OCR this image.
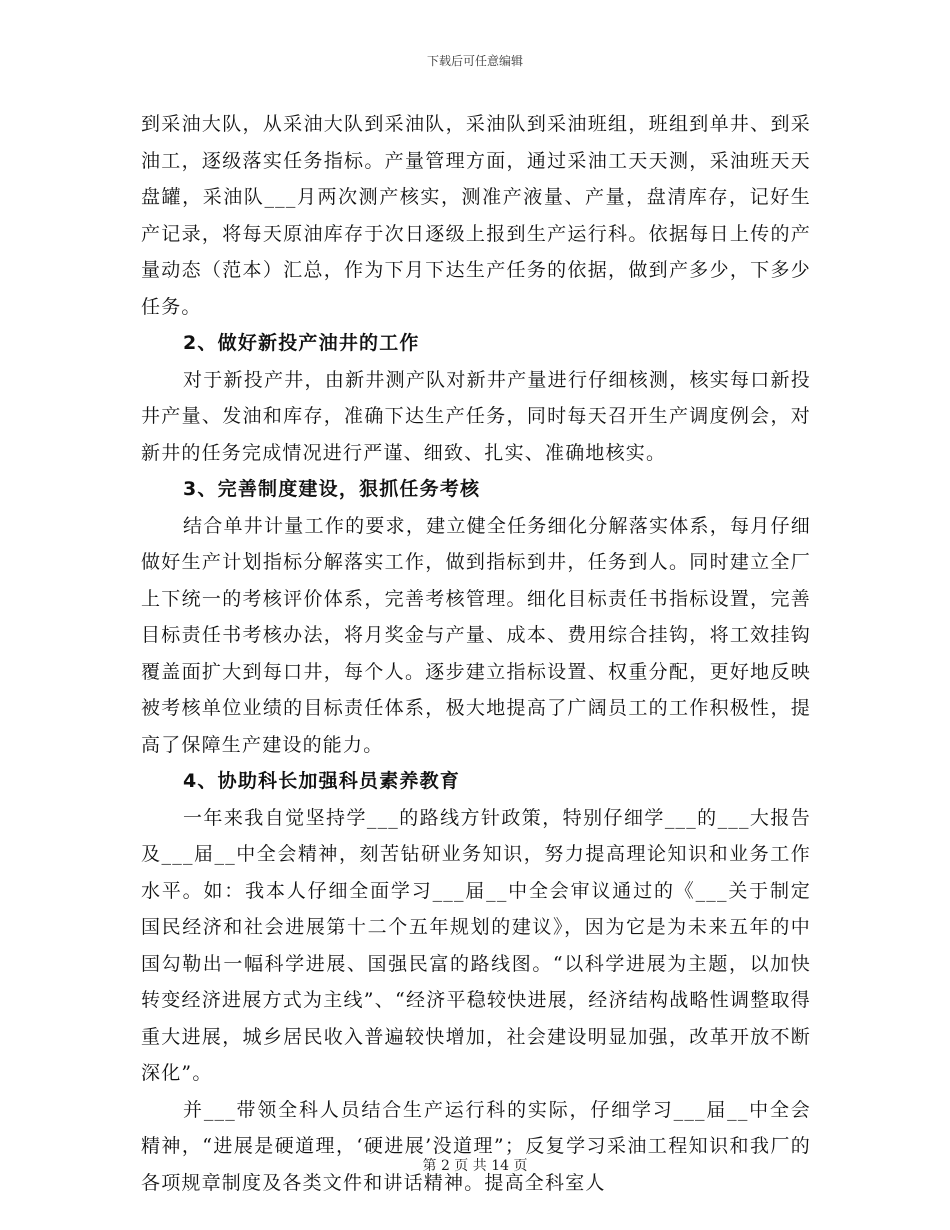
下载后可任意编辑

到采油大队，从采油大队到采油队，采油队到采油班组，班组到单井、到采油工，逐级落实任务指标。产量管理方面，通过采油工天天测，采油班天天盘罐，采油队___月两次测产核实，测准产液量、产量，盘清库存，记好生产记录，将每天原油库存于次日逐级上报到生产运行科。依据每日上传的产量动态（范本）汇总，作为下月下达生产任务的依据，做到产多少，下多少任务。

2、做好新投产油井的工作

对于新投产井，由新井测产队对新井产量进行仔细核测，核实每口新投井产量、发油和库存，准确下达生产任务，同时每天召开生产调度例会，对新井的任务完成情况进行严谨、细致、扎实、准确地核实。

3、完善制度建设，狠抓任务考核

结合单井计量工作的要求，建立健全任务细化分解落实体系，每月仔细做好生产计划指标分解落实工作，做到指标到井，任务到人。同时建立全厂上下统一的考核评价体系，完善考核管理。细化目标责任书指标设置，完善目标责任书考核办法，将月奖金与产量、成本、费用综合挂钩，将工效挂钩覆盖面扩大到每口井，每个人。逐步建立指标设置、权重分配，更好地反映被考核单位业绩的目标责任体系，极大地提高了广阔员工的工作积极性，提高了保障生产建设的能力。

4、协助科长加强科员素养教育

一年来我自觉坚持学___的路线方针政策，特别仔细学___的___大报告及___届__中全会精神，刻苦钻研业务知识，努力提高理论知识和业务工作水平。如：我本人仔细全面学习___届__中全会审议通过的《___关于制定国民经济和社会进展第十二个五年规划的建议》，因为它是为未来五年的中国勾勒出一幅科学进展、国强民富的路线图。“以科学进展为主题，以加快转变经济进展方式为主线”、“经济平稳较快进展，经济结构战略性调整取得重大进展，城乡居民收入普遍较快增加，社会建设明显加强，改革开放不断深化”。

并___带领全科人员结合生产运行科的实际，仔细学习___届__中全会精神，“进展是硬道理，‘硬进展’没道理”；反复学习采油工程知识和我厂的各项规章制度及各类文件和讲话精神。提高全科室人

第 2 页 共 14 页
